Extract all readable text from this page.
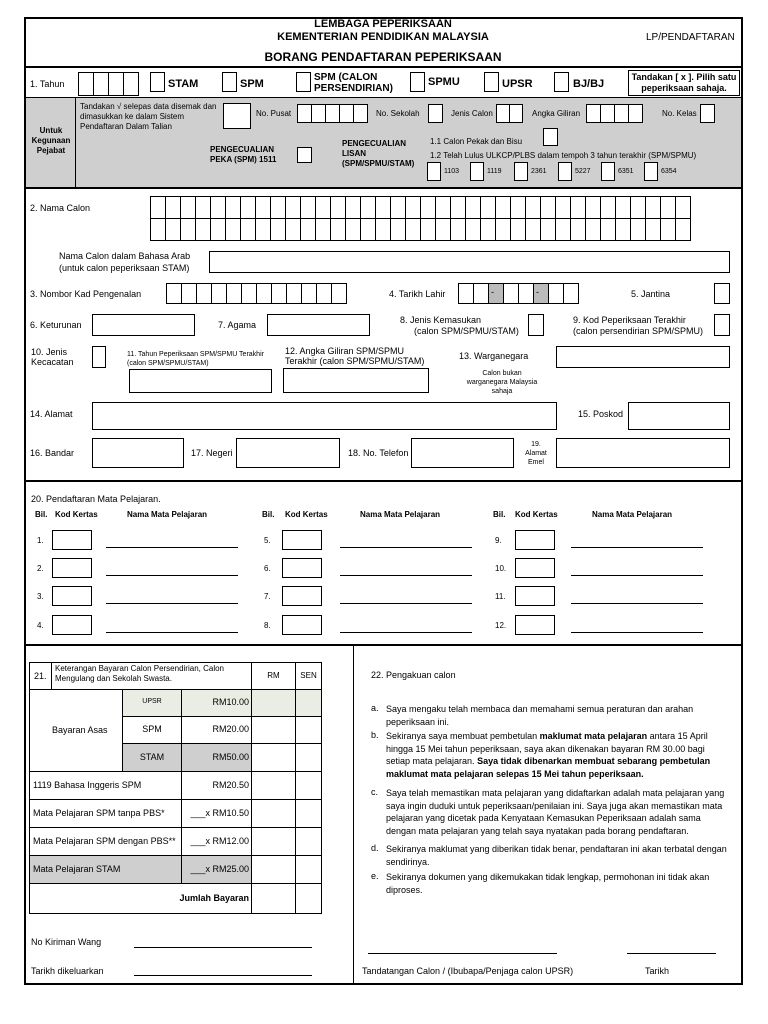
LEMBAGA PEPERIKSAAN
KEMENTERIAN PENDIDIKAN MALAYSIA
BORANG PENDAFTARAN PEPERIKSAAN
LP/PENDAFTARAN
1. Tahun	STAM	SPM
SPM (CALON PERSENDIRIAN)
SPMU	UPSR	BJ/BJ
Tandakan [ x ]. Pilih satu peperiksaan sahaja.
Untuk Kegunaan Pejabat
Tandakan √ selepas data disemak dan dimasukkan ke dalam Sistem Pendaftaran Dalam Talian
No. Pusat	No. Sekolah	Jenis Calon	Angka Giliran	No. Kelas
PENGECUALIAN PEKA (SPM) 1511
PENGECUALIAN LISAN (SPM/SPMU/STAM)
1.1 Calon Pekak dan Bisu
1.2 Telah Lulus ULKCP/PLBS dalam tempoh 3 tahun terakhir (SPM/SPMU)
1103	1119	2361	5227	6351	6354
2. Nama Calon
Nama Calon dalam Bahasa Arab
(untuk calon peperiksaan STAM)
3. Nombor Kad Pengenalan	4. Tarikh Lahir	-	-	5. Jantina
6. Keturunan	7. Agama	8. Jenis Kemasukan
(calon SPM/SPMU/STAM)
9. Kod Peperiksaan Terakhir
(calon persendirian SPM/SPMU)
10. Jenis Kecacatan
11. Tahun Peperiksaan SPM/SPMU Terakhir (calon SPM/SPMU/STAM)
12. Angka Giliran SPM/SPMU Terakhir (calon SPM/SPMU/STAM)	13. Warganegara
Calon bukan warganegara Malaysia sahaja
14. Alamat	15. Poskod
16. Bandar	17. Negeri	18. No. Telefon
19. Alamat Emel
20. Pendaftaran Mata Pelajaran.
Bil. Kod Kertas	Nama Mata Pelajaran	Bil. Kod Kertas	Nama Mata Pelajaran	Bil. Kod Kertas	Nama Mata Pelajaran
1.
2.
3.
4.
5.
6.
7.
8.
9.
10.
11.
12.
21.
Keterangan Bayaran Calon Persendirian, Calon Mengulang dan Sekolah Swasta.	RM	SEN
Bayaran Asas
UPSR	RM10.00
SPM	RM20.00
STAM	RM50.00
1119 Bahasa Inggeris SPM	RM20.50
Mata Pelajaran SPM tanpa PBS*	___x RM10.50
Mata Pelajaran SPM dengan PBS**	___x RM12.00
Mata Pelajaran STAM	___x RM25.00
Jumlah Bayaran
No Kiriman Wang
Tarikh dikeluarkan
22. Pengakuan calon
a. Saya mengaku telah membaca dan memahami semua peraturan dan arahan peperiksaan ini.
b. Sekiranya saya membuat pembetulan maklumat mata pelajaran antara 15 April hingga 15 Mei tahun peperiksaan, saya akan dikenakan bayaran RM 30.00 bagi setiap mata pelajaran. Saya tidak dibenarkan membuat sebarang pembetulan maklumat mata pelajaran selepas 15 Mei tahun peperiksaan.
c. Saya telah memastikan mata pelajaran yang didaftarkan adalah mata pelajaran yang saya ingin duduki untuk peperiksaan/penilaian ini. Saya juga akan memastikan mata pelajaran yang dicetak pada Kenyataan Kemasukan Peperiksaan adalah sama dengan mata pelajaran yang telah saya nyatakan pada borang pendaftaran.
d. Sekiranya maklumat yang diberikan tidak benar, pendaftaran ini akan terbatal dengan sendirinya.
e. Sekiranya dokumen yang dikemukakan tidak lengkap, permohonan ini tidak akan diproses.
Tandatangan Calon / (Ibubapa/Penjaga calon UPSR)	Tarikh
